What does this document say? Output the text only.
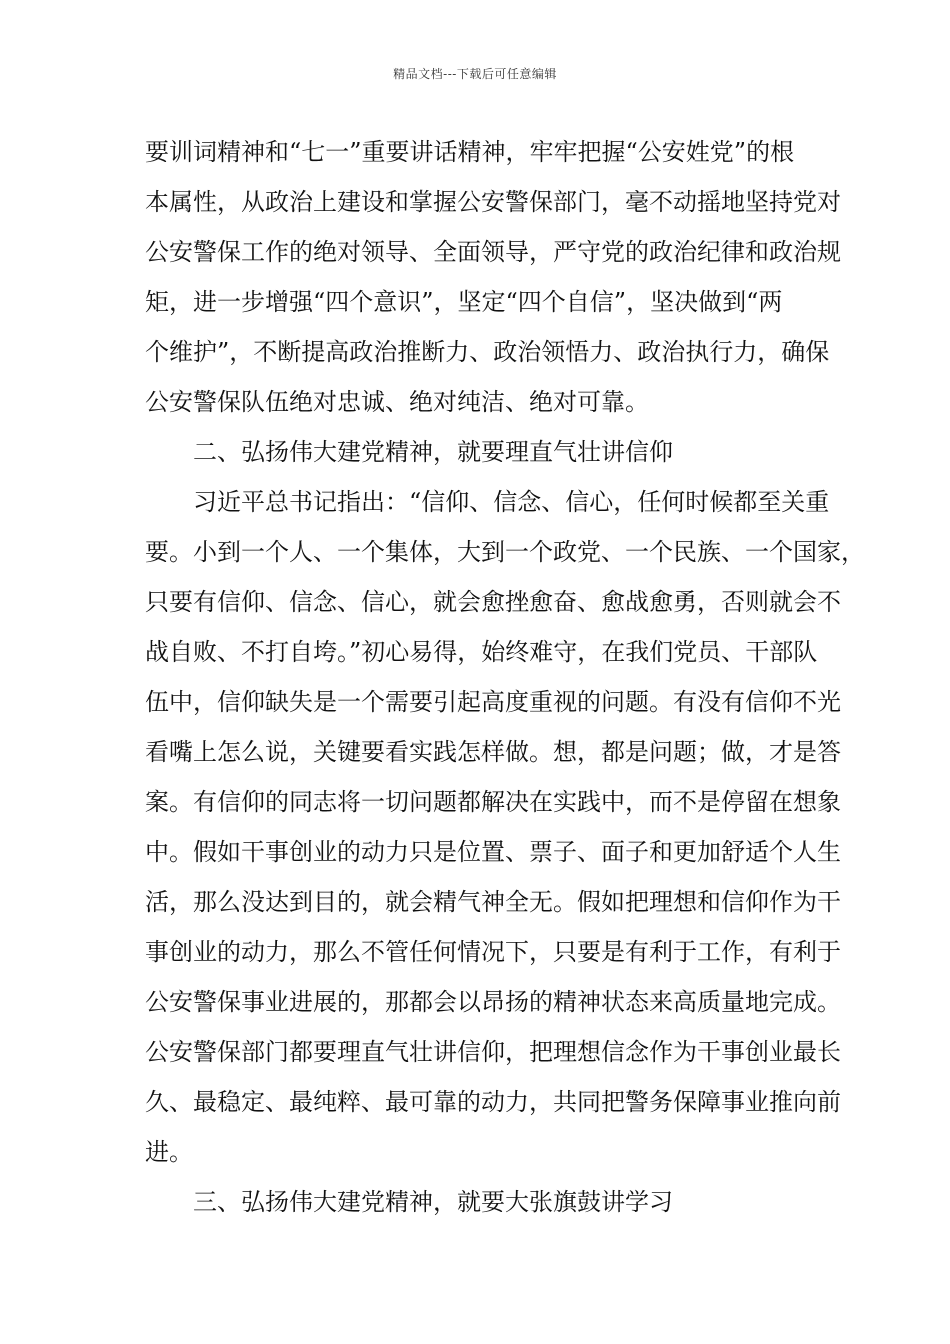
精品文档---下载后可任意编辑
要训词精神和“七一”重要讲话精神，牢牢把握“公安姓党”的根
本属性，从政治上建设和掌握公安警保部门，毫不动摇地坚持党对
公安警保工作的绝对领导、全面领导，严守党的政治纪律和政治规
矩，进一步增强“四个意识”，坚定“四个自信”，坚决做到“两
个维护”，不断提高政治推断力、政治领悟力、政治执行力，确保
公安警保队伍绝对忠诚、绝对纯洁、绝对可靠。
二、弘扬伟大建党精神，就要理直气壮讲信仰
习近平总书记指出：“信仰、信念、信心，任何时候都至关重
要。小到一个人、一个集体，大到一个政党、一个民族、一个国家，
只要有信仰、信念、信心，就会愈挫愈奋、愈战愈勇，否则就会不
战自败、不打自垮。”初心易得，始终难守，在我们党员、干部队
伍中，信仰缺失是一个需要引起高度重视的问题。有没有信仰不光
看嘴上怎么说，关键要看实践怎样做。想，都是问题；做，才是答
案。有信仰的同志将一切问题都解决在实践中，而不是停留在想象
中。假如干事创业的动力只是位置、票子、面子和更加舒适个人生
活，那么没达到目的，就会精气神全无。假如把理想和信仰作为干
事创业的动力，那么不管任何情况下，只要是有利于工作，有利于
公安警保事业进展的，那都会以昂扬的精神状态来高质量地完成。
公安警保部门都要理直气壮讲信仰，把理想信念作为干事创业最长
久、最稳定、最纯粹、最可靠的动力，共同把警务保障事业推向前
进。
三、弘扬伟大建党精神，就要大张旗鼓讲学习
